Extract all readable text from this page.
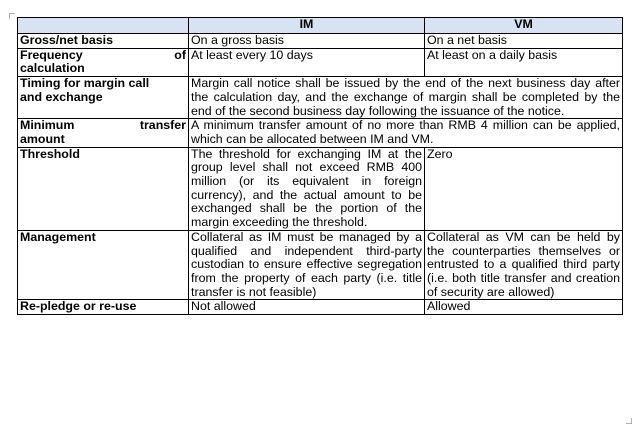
	IM	VM
Gross/net basis	On a gross basis	On a net basis

Frequency of
calculation	At least every 10 days	At least on a daily basis

Timing for margin call
and exchange	Margin call notice shall be issued by the end of the next business day after the calculation day, and the exchange of margin shall be completed by the end of the second business day following the issuance of the notice.	

Minimum transfer
amount	A minimum transfer amount of no more than RMB 4 million can be applied, which can be allocated between IM and VM.	
Threshold	The threshold for exchanging IM at the group level shall not exceed RMB 400 million (or its equivalent in foreign currency), and the actual amount to be exchanged shall be the portion of the margin exceeding the threshold.	Zero
Management	Collateral as IM must be managed by a qualified and independent third-party custodian to ensure effective segregation from the property of each party (i.e. title transfer is not feasible)	Collateral as VM can be held by the counterparties themselves or entrusted to a qualified third party (i.e. both title transfer and creation of security are allowed)
Re-pledge or re-use	Not allowed	Allowed
